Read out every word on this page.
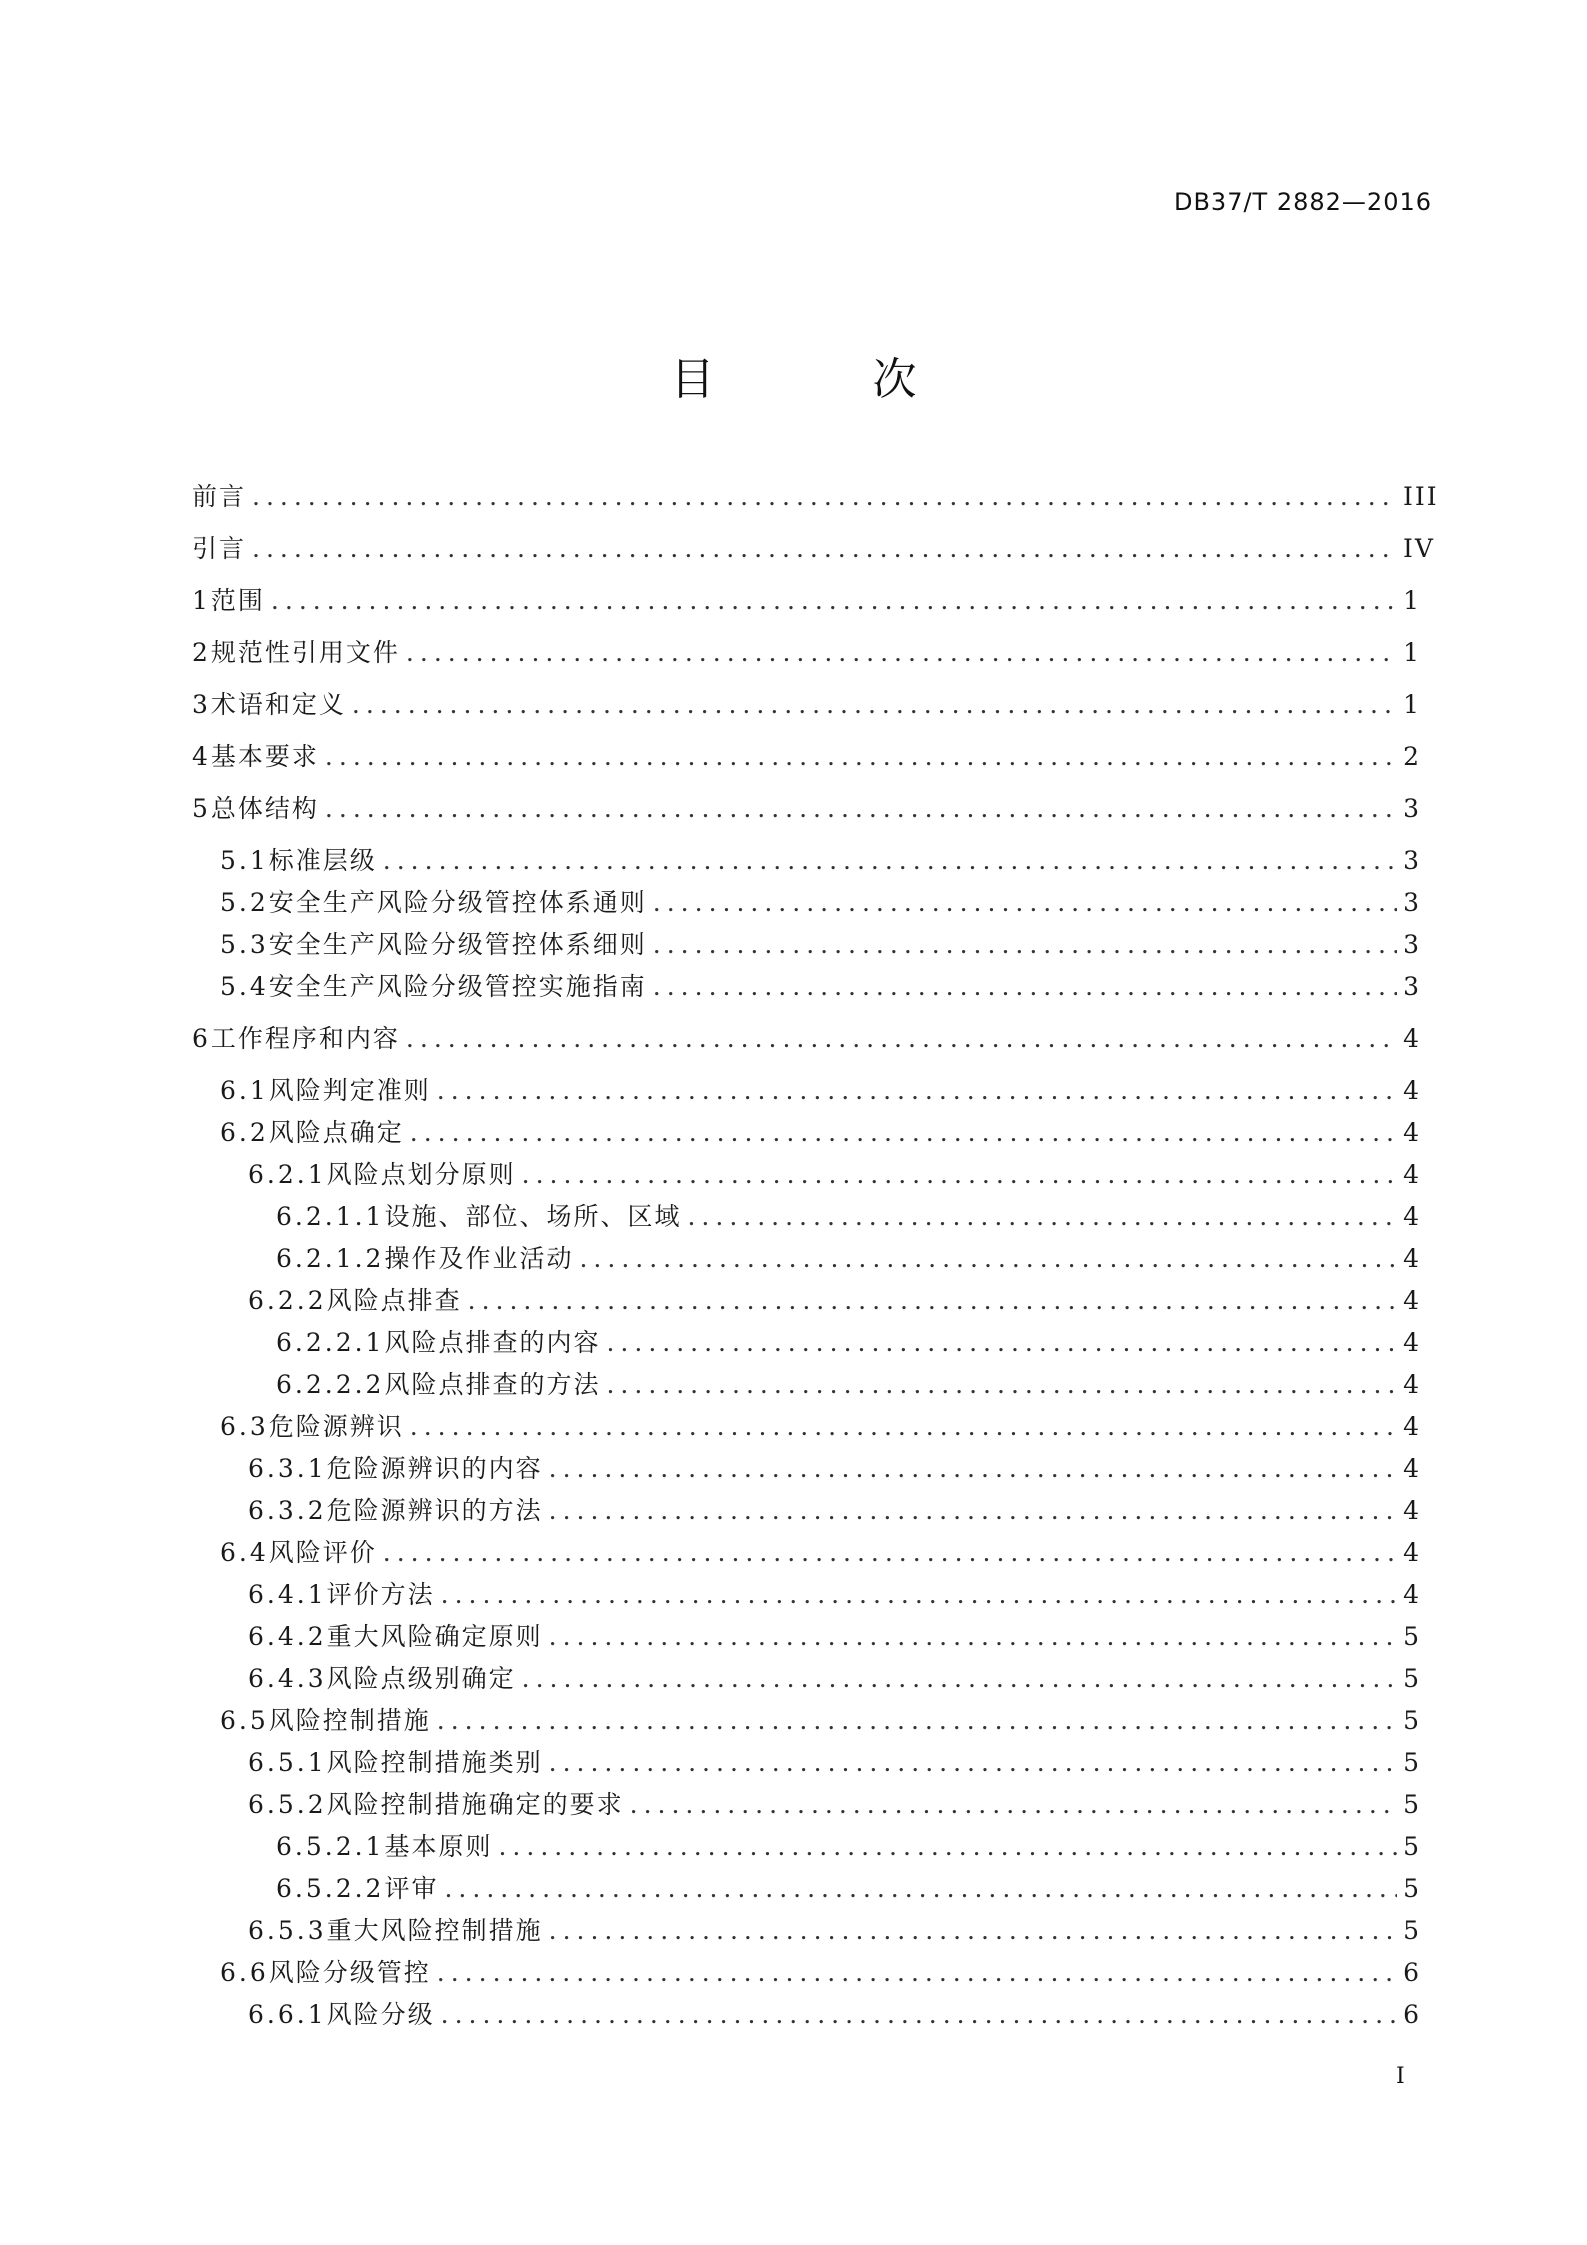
DB37/T 2882—2016
目 次
前言 .....	III
引言 .....	IV
1 范围 .....	1
2 规范性引用文件 .....	1
3 术语和定义 .....	1
4 基本要求 .....	2
5 总体结构 .....	3
5.1 标准层级 .....	3
5.2 安全生产风险分级管控体系通则 .....	3
5.3 安全生产风险分级管控体系细则 .....	3
5.4 安全生产风险分级管控实施指南 .....	3
6 工作程序和内容 .....	4
6.1 风险判定准则 .....	4
6.2 风险点确定 .....	4
6.2.1 风险点划分原则 .....	4
6.2.1.1 设施、部位、场所、区域 .....	4
6.2.1.2 操作及作业活动 .....	4
6.2.2 风险点排查 .....	4
6.2.2.1 风险点排查的内容 .....	4
6.2.2.2 风险点排查的方法 .....	4
6.3 危险源辨识 .....	4
6.3.1 危险源辨识的内容 .....	4
6.3.2 危险源辨识的方法 .....	4
6.4 风险评价 .....	4
6.4.1 评价方法 .....	4
6.4.2 重大风险确定原则 .....	5
6.4.3 风险点级别确定 .....	5
6.5 风险控制措施 .....	5
6.5.1 风险控制措施类别 .....	5
6.5.2 风险控制措施确定的要求 .....	5
6.5.2.1 基本原则 .....	5
6.5.2.2 评审 .....	5
6.5.3 重大风险控制措施 .....	5
6.6 风险分级管控 .....	6
6.6.1 风险分级 .....	6
I
